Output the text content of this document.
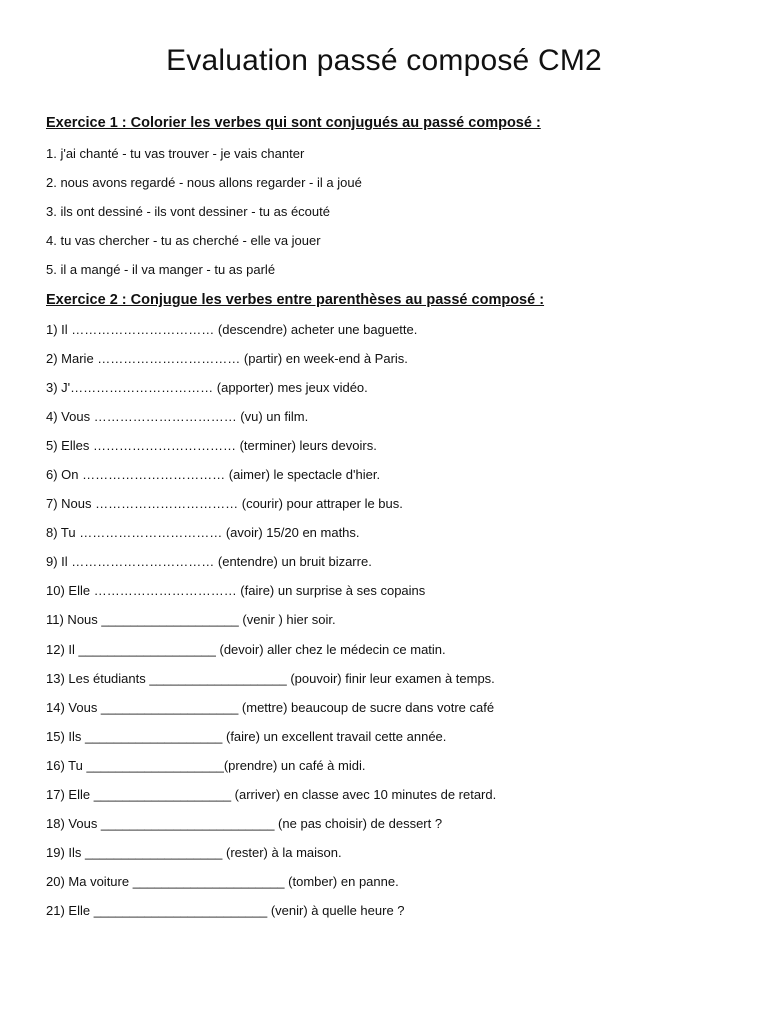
Evaluation passé composé CM2
Exercice 1 : Colorier les verbes qui sont conjugués au passé composé :
1. j'ai chanté - tu vas trouver - je vais chanter
2. nous avons regardé - nous allons regarder - il a joué
3. ils ont dessiné - ils vont dessiner - tu as écouté
4. tu vas chercher - tu as cherché - elle va jouer
5. il a mangé - il va manger - tu as parlé
Exercice 2 : Conjugue les verbes entre parenthèses au passé composé :
1) Il …………………………… (descendre) acheter une baguette.
2) Marie …………………………… (partir) en week-end à Paris.
3) J'…………………………… (apporter) mes jeux vidéo.
4) Vous …………………………… (vu) un film.
5) Elles …………………………… (terminer) leurs devoirs.
6) On …………………………… (aimer) le spectacle d'hier.
7) Nous …………………………… (courir) pour attraper le bus.
8) Tu …………………………… (avoir) 15/20 en maths.
9) Il …………………………… (entendre) un bruit bizarre.
10) Elle …………………………… (faire) un surprise à ses copains
11) Nous ___________________ (venir ) hier soir.
12) Il ___________________ (devoir) aller chez le médecin ce matin.
13) Les étudiants ___________________ (pouvoir) finir leur examen à temps.
14) Vous ___________________ (mettre) beaucoup de sucre dans votre café
15) Ils ___________________ (faire) un excellent travail cette année.
16) Tu ___________________(prendre) un café à midi.
17) Elle ___________________ (arriver) en classe avec 10 minutes de retard.
18) Vous ________________________ (ne pas choisir) de dessert ?
19) Ils ___________________ (rester) à la maison.
20) Ma voiture _____________________ (tomber) en panne.
21) Elle ________________________ (venir) à quelle heure ?
